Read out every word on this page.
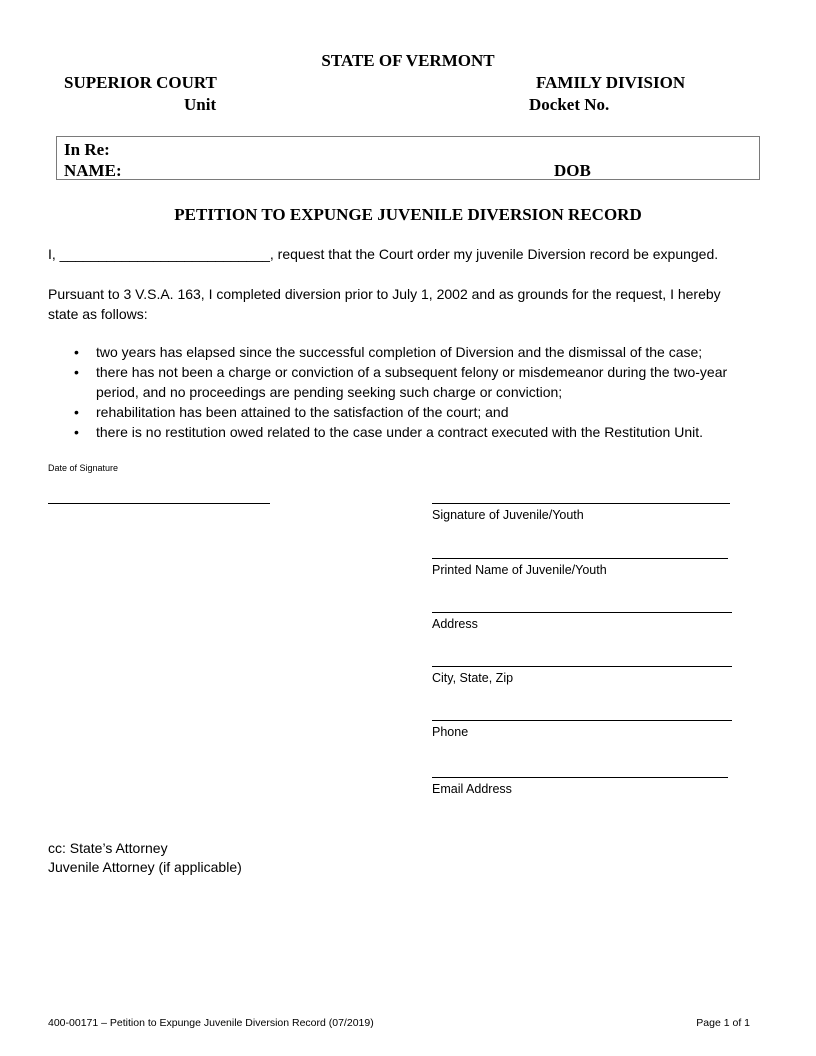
STATE OF VERMONT
SUPERIOR COURT	FAMILY DIVISION
Unit	Docket No.
In Re:
NAME:	DOB
PETITION TO EXPUNGE JUVENILE DIVERSION RECORD
I, ___________________________, request that the Court order my juvenile Diversion record be expunged.
Pursuant to 3 V.S.A. 163, I completed diversion prior to July 1, 2002 and as grounds for the request, I hereby
state as follows:
• two years has elapsed since the successful completion of Diversion and the dismissal of the case;
• there has not been a charge or conviction of a subsequent felony or misdemeanor during the two-year period, and no proceedings are pending seeking such charge or conviction;
• rehabilitation has been attained to the satisfaction of the court; and
• there is no restitution owed related to the case under a contract executed with the Restitution Unit.
Date of Signature
Signature of Juvenile/Youth
Printed Name of Juvenile/Youth
Address
City, State, Zip
Phone
Email Address
cc: State’s Attorney
Juvenile Attorney (if applicable)
400-00171 – Petition to Expunge Juvenile Diversion Record (07/2019)	Page 1 of 1
